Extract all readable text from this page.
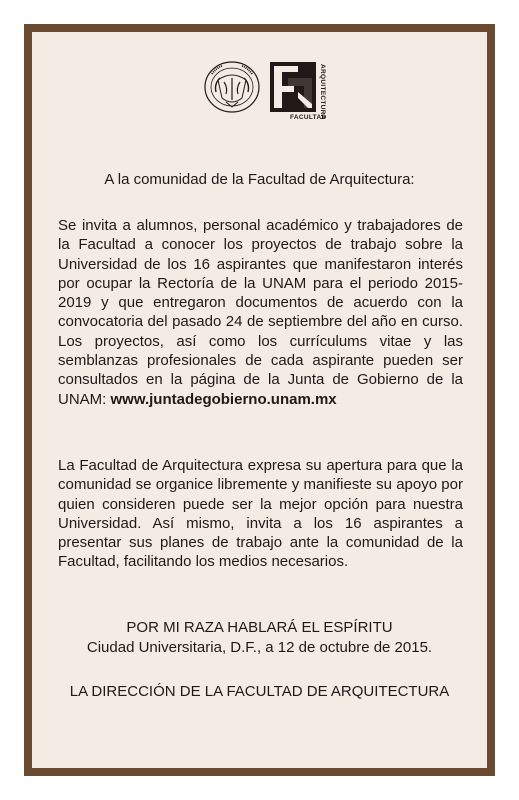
FACULTAD
ARQUITECTURA
A la comunidad de la Facultad de Arquitectura:
Se invita a alumnos, personal académico y trabajadores de la Facultad a conocer los proyectos de trabajo sobre la Universidad de los 16 aspirantes que manifestaron interés por ocupar la Rectoría de la UNAM para el periodo 2015-2019 y que entregaron documentos de acuerdo con la convocatoria del pasado 24 de septiembre del año en curso. Los proyectos, así como los currículums vitae y las semblanzas profesionales de cada aspirante pueden ser consultados en la página de la Junta de Gobierno de la UNAM: www.juntadegobierno.unam.mx
La Facultad de Arquitectura expresa su apertura para que la comunidad se organice libremente y manifieste su apoyo por quien consideren puede ser la mejor opción para nuestra Universidad. Así mismo, invita a los 16 aspirantes a presentar sus planes de trabajo ante la comunidad de la Facultad, facilitando los medios necesarios.
POR MI RAZA HABLARÁ EL ESPÍRITU
Ciudad Universitaria, D.F., a 12 de octubre de 2015.
LA DIRECCIÓN DE LA FACULTAD DE ARQUITECTURA
